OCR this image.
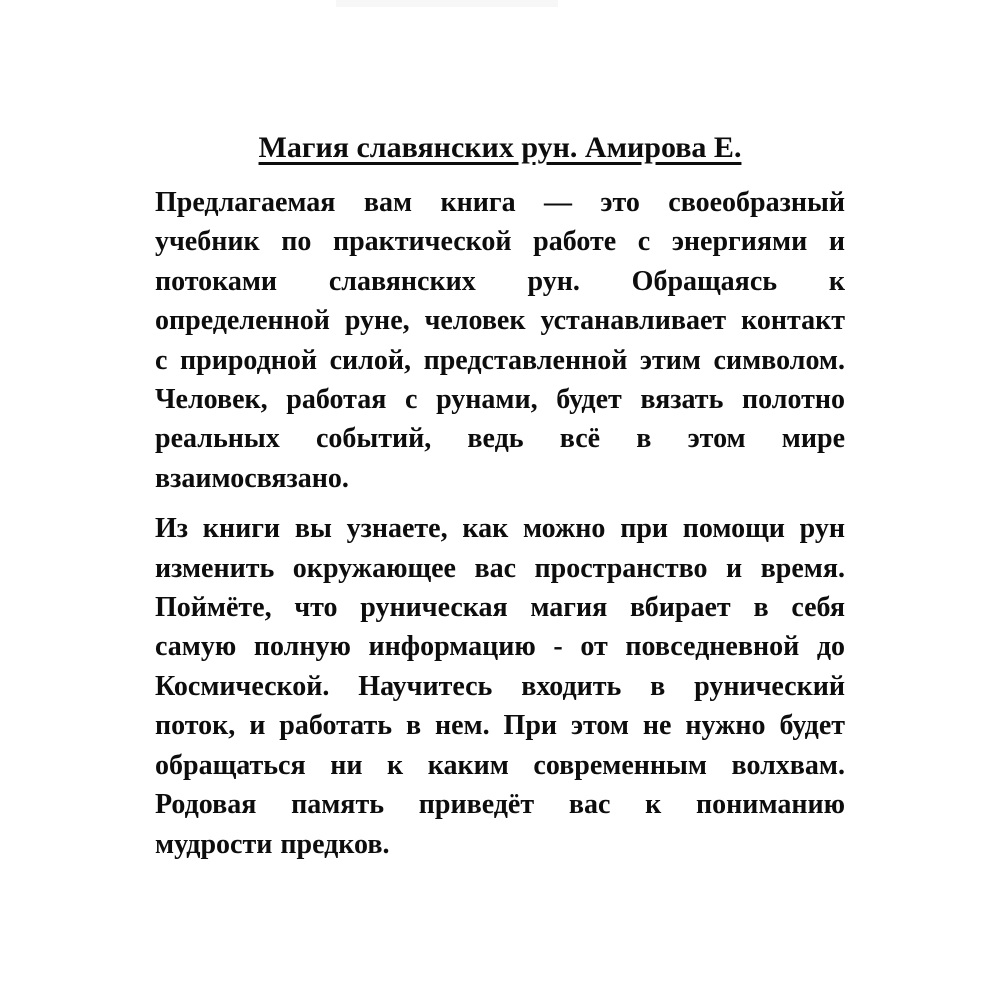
Магия славянских рун. Амирова Е.
Предлагаемая вам книга — это своеобразный
учебник по практической работе с энергиями и
потоками славянских рун. Обращаясь к
определенной руне, человек устанавливает контакт
с природной силой, представленной этим символом.
Человек, работая с рунами, будет вязать полотно
реальных событий, ведь всё в этом мире
взаимосвязано.
Из книги вы узнаете, как можно при помощи рун
изменить окружающее вас пространство и время.
Поймёте, что руническая магия вбирает в себя
самую полную информацию - от повседневной до
Космической. Научитесь входить в рунический
поток, и работать в нем. При этом не нужно будет
обращаться ни к каким современным волхвам.
Родовая память приведёт вас к пониманию
мудрости предков.
